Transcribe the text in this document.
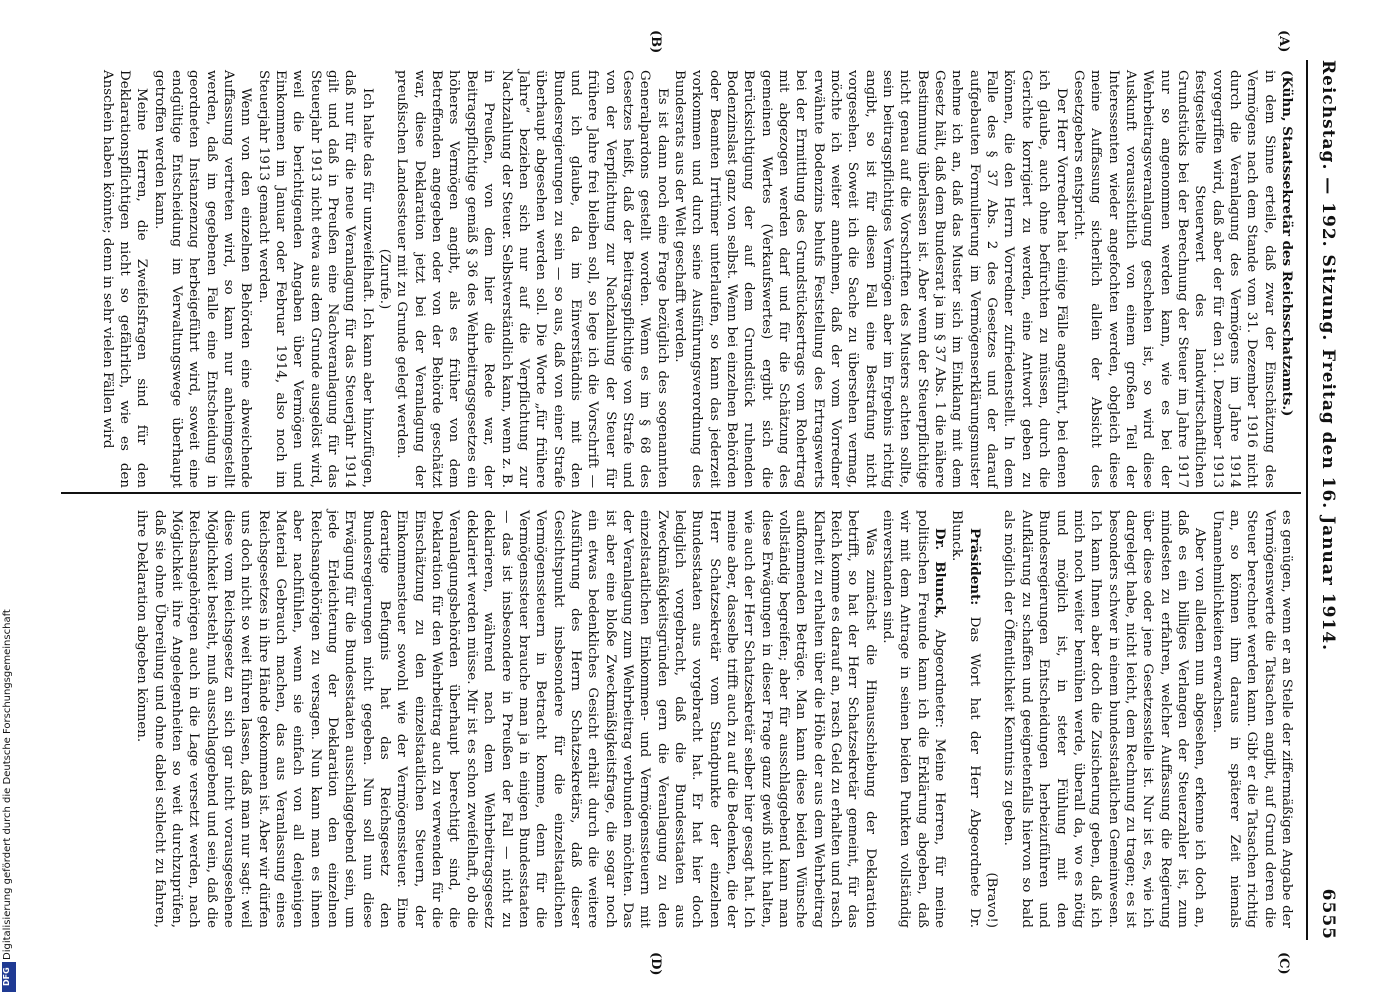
Digitalisierung gefördert durch die Deutsche Forschungsgemeinschaft
DFG
Reichstag. — 192. Sitzung.
Freitag den 16. Januar 1914.
6555
(A)
(B)
(C)
(D)

(Kühn, Staatssekretär des Reichsschatzamts.)

in dem Sinne erteile, daß zwar der Einschätzung des Vermögens nach dem Stande vom 31. Dezember 1916 nicht durch die Veranlagung des Vermögens im Jahre 1914 vorgegriffen wird, daß aber der für den 31. Dezember 1913 festgestellte Steuerwert des landwirtschaftlichen Grundstücks bei der Berechnung der Steuer im Jahre 1917 nur so angenommen werden kann, wie es bei der Wehrbeitragsveranlagung geschehen ist, so wird diese Auskunft voraussichtlich von einem großen Teil der Interessenten wieder angefochten werden, obgleich diese meine Auffassung sicherlich allein der Absicht des Gesetzgebers entspricht.

Der Herr Vorredner hat einige Fälle angeführt, bei denen ich glaube, auch ohne befürchten zu müssen, durch die Gerichte korrigiert zu werden, eine Antwort geben zu können, die den Herrn Vorredner zufriedenstellt. In dem Falle des § 37 Abs. 2 des Gesetzes und der darauf aufgebauten Formulierung im Vermögenserklärungsmuster nehme ich an, daß das Muster sich im Einklang mit dem Gesetz hält, daß dem Bundesrat ja im § 37 Abs. 1 die nähere Bestimmung überlassen ist. Aber wenn der Steuerpflichtige nicht genau auf die Vorschriften des Musters achten sollte, sein beitragspflichtiges Vermögen aber im Ergebnis richtig angibt, so ist für diesen Fall eine Bestrafung nicht vorgesehen. Soweit ich die Sache zu übersehen vermag, möchte ich weiter annehmen, daß der vom Vorredner erwähnte Bodenzins behufs Feststellung des Ertragswerts bei der Ermittlung des Grundstücksertrags vom Rohertrag mit abgezogen werden darf und für die Schätzung des gemeinen Wertes (Verkaufswertes) ergibt sich die Berücksichtigung der auf dem Grundstück ruhenden Bodenzinslast ganz von selbst. Wenn bei einzelnen Behörden oder Beamten Irrtümer unterlaufen, so kann das jederzeit vorkommen und durch seine Ausführungsverordnung des Bundesrats aus der Welt geschafft werden.

Es ist dann noch eine Frage bezüglich des sogenannten Generalpardons gestellt worden. Wenn es im § 68 des Gesetzes heißt, daß der Beitragspflichtige von Strafe und von der Verpflichtung zur Nachzahlung der Steuer für frühere Jahre frei bleiben soll, so lege ich die Vorschrift — und ich glaube, da im Einverständnis mit den Bundesregierungen zu sein — so aus, daß von einer Strafe überhaupt abgesehen werden soll. Die Worte „für frühere Jahre“ beziehen sich nur auf die Verpflichtung zur Nachzahlung der Steuer. Selbstverständlich kann, wenn z. B. in Preußen, von dem hier die Rede war, der Beitragspflichtige gemäß § 36 des Wehrbeitragsgesetzes ein höheres Vermögen angibt, als es früher von dem Betreffenden angegeben oder von der Behörde geschätzt war, diese Deklaration jetzt bei der Veranlagung der preußischen Landessteuer mit zu Grunde gelegt werden.

(Zurufe.)

Ich halte das für unzweifelhaft. Ich kann aber hinzufügen, daß nur für die neue Veranlagung für das Steuerjahr 1914 gilt und daß in Preußen eine Nachveranlagung für das Steuerjahr 1913 nicht etwa aus dem Grunde ausgelöst wird, weil die berichtigenden Angaben über Vermögen und Einkommen im Januar oder Februar 1914, also noch im Steuerjahr 1913 gemacht werden.

Wenn von den einzelnen Behörden eine abweichende Auffassung vertreten wird, so kann nur anheimgestellt werden, daß im gegebenen Falle eine Entscheidung in geordneten Instanzenzug herbeigeführt wird, soweit eine endgültige Entscheidung im Verwaltungswege überhaupt getroffen werden kann.

Meine Herren, die Zweifelsfragen sind für den Deklarationspflichtigen nicht so gefährlich, wie es den Anschein haben könnte; denn in sehr vielen Fällen wird

es genügen, wenn er an Stelle der ziffermäßigen Angabe der Vermögenswerte die Tatsachen angibt, auf Grund deren die Steuer berechnet werden kann. Gibt er die Tatsachen richtig an, so können ihm daraus in späterer Zeit niemals Unannehmlichkeiten erwachsen.

Aber von alledem nun abgesehen, erkenne ich doch an, daß es ein billiges Verlangen der Steuerzahler ist, zum mindesten zu erfahren, welcher Auffassung die Regierung über diese oder jene Gesetzesstelle ist. Nur ist es, wie ich dargelegt habe, nicht leicht, dem Rechnung zu tragen; es ist besonders schwer in einem bundesstaatlichen Gemeinwesen. Ich kann Ihnen aber doch die Zusicherung geben, daß ich mich noch weiter bemühen werde, überall da, wo es nötig und möglich ist, in steter Fühlung mit den Bundesregierungen Entscheidungen herbeizuführen und Aufklärung zu schaffen und geeignetenfalls hiervon so bald als möglich der Öffentlichkeit Kenntnis zu geben.

(Bravo!)

Präsident: Das Wort hat der Herr Abgeordnete Dr. Blunck.

Dr. Blunck, Abgeordneter: Meine Herren, für meine politischen Freunde kann ich die Erklärung abgeben, daß wir mit dem Antrage in seinen beiden Punkten vollständig einverstanden sind.

Was zunächst die Hinausschiebung der Deklaration betrifft, so hat der Herr Schatzsekretär gemeint, für das Reich komme es darauf an, rasch Geld zu erhalten und rasch Klarheit zu erhalten über die Höhe der aus dem Wehrbeitrag aufkommenden Beträge. Man kann diese beiden Wünsche vollständig begreifen; aber für ausschlaggebend kann man diese Erwägungen in dieser Frage ganz gewiß nicht halten, wie auch der Herr Schatzsekretär selber hier gesagt hat. Ich meine aber, dasselbe trifft auch zu auf die Bedenken, die der Herr Schatzsekretär vom Standpunkte der einzelnen Bundesstaaten aus vorgebracht hat. Er hat hier doch lediglich vorgebracht, daß die Bundesstaaten aus Zweckmäßigkeitsgründen gern die Veranlagung zu den einzelstaatlichen Einkommen- und Vermögenssteuern mit der Veranlagung zum Wehrbeitrag verbunden möchten. Das ist aber eine bloße Zweckmäßigkeitsfrage, die sogar noch ein etwas bedenkliches Gesicht erhält durch die weitere Ausführung des Herrn Schatzsekretärs, daß dieser Gesichtspunkt insbesondere für die einzelstaatlichen Vermögenssteuern in Betracht komme, denn für die Vermögenssteuer brauche man ja in einigen Bundesstaaten — das ist insbesondere in Preußen der Fall — nicht zu deklarieren, während nach dem Wehrbeitragsgesetz deklariert werden müsse. Mir ist es schon zweifelhaft, ob die Veranlagungsbehörden überhaupt berechtigt sind, die Deklaration für den Wehrbeitrag auch zu verwenden für die Einschätzung zu den einzelstaatlichen Steuern, der Einkommensteuer sowohl wie der Vermögenssteuer. Eine derartige Befugnis hat das Reichsgesetz den Bundesregierungen nicht gegeben. Nun soll nun diese Erwägung für die Bundesstaaten ausschlaggebend sein, um jede Erleichterung der Deklaration den einzelnen Reichsangehörigen zu versagen. Nun kann man es ihnen aber nachfühlen, wenn sie einfach von all denjenigen Material Gebrauch machen, das aus Veranlassung eines Reichsgesetzes in ihre Hände gekommen ist. Aber wir dürfen uns doch nicht so weit führen lassen, daß man nur sagt: weil diese vom Reichsgesetz an sich gar nicht vorausgesehene Möglichkeit besteht, muß ausschlaggebend und sein, daß die Reichsangehörigen auch in die Lage versetzt werden, nach Möglichkeit ihre Angelegenheiten so weit durchzuprüfen, daß sie ohne Übereilung und ohne dabei schlecht zu fahren, ihre Deklaration abgeben können.
